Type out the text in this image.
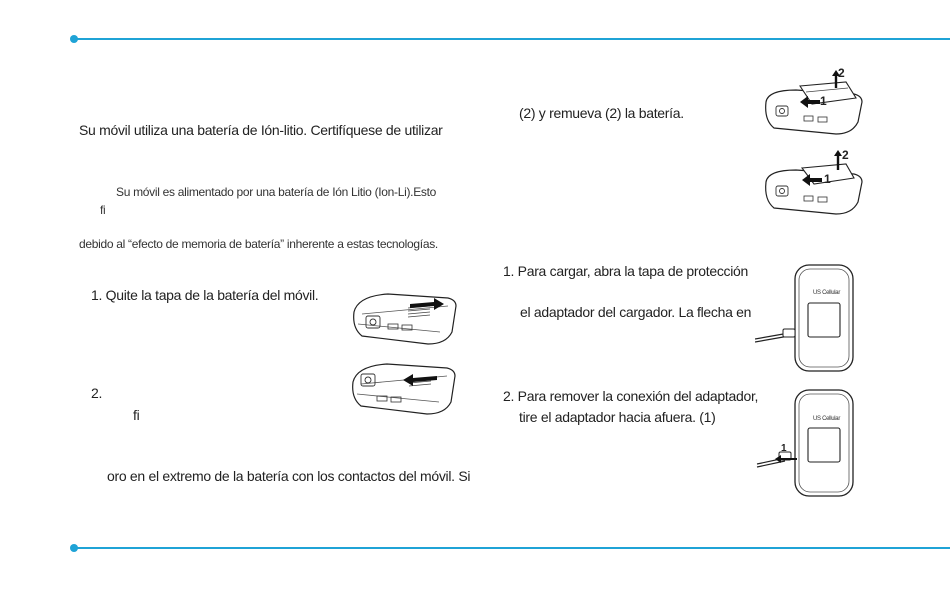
Su móvil utiliza una batería de Ión-litio. Certifíquese de utilizar
Su móvil es alimentado por una batería de Ión Litio (Ion-Li).Esto
fi
debido al “efecto de memoria de batería” inherente a estas tecnologías.
1. Quite la tapa de la batería del móvil.
2.
fi
oro en el extremo de la batería con los contactos del móvil. Si
(2) y remueva (2) la batería.
1. Para cargar, abra la tapa de protección
el adaptador del cargador. La flecha en
2. Para remover la conexión del adaptador,
tire el adaptador hacia afuera. (1)
2
1
2
1
US Cellular
US Cellular
1
